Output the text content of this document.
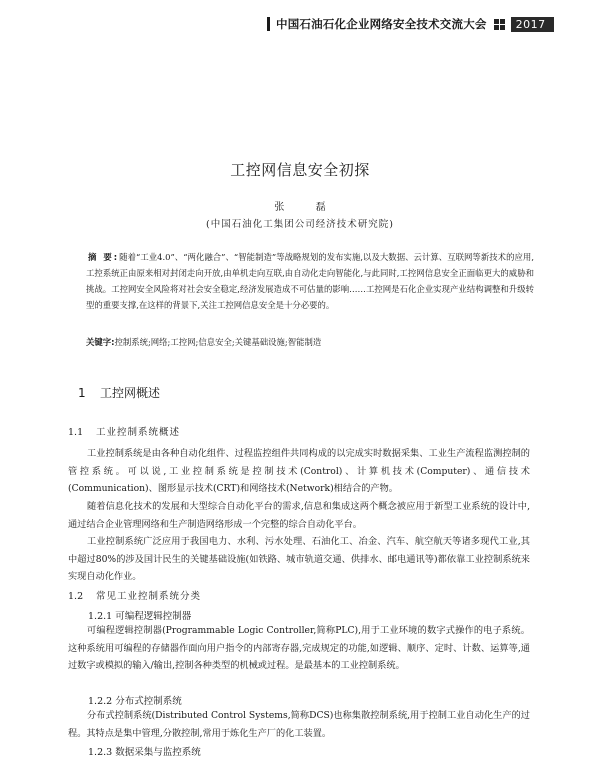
中国石油石化企业网络安全技术交流大会	2017
工控网信息安全初探
张 磊
(中国石油化工集团公司经济技术研究院)
摘 要:随着“工业4.0”、“两化融合”、“智能制造”等战略规划的发布实施,以及大数据、云计算、互联网等新技术的应用,工控系统正由原来相对封闭走向开放,由单机走向互联,由自动化走向智能化,与此同时,工控网信息安全正面临更大的威胁和挑战。工控网安全风险将对社会安全稳定,经济发展造成不可估量的影响……工控网是石化企业实现产业结构调整和升级转型的重要支撑,在这样的背景下,关注工控网信息安全是十分必要的。
关键字:控制系统;网络;工控网;信息安全;关键基础设施;智能制造
1 工控网概述
1.1 工业控制系统概述
工业控制系统是由各种自动化组件、过程监控组件共同构成的以完成实时数据采集、工业生产流程监测控制的管控系统。可以说,工业控制系统是控制技术(Control)、计算机技术(Computer)、通信技术(Communication)、图形显示技术(CRT)和网络技术(Network)相结合的产物。
随着信息化技术的发展和大型综合自动化平台的需求,信息和集成这两个概念被应用于新型工业系统的设计中,通过结合企业管理网络和生产制造网络形成一个完整的综合自动化平台。
工业控制系统广泛应用于我国电力、水利、污水处理、石油化工、冶金、汽车、航空航天等诸多现代工业,其中超过80%的涉及国计民生的关键基础设施(如铁路、城市轨道交通、供排水、邮电通讯等)都依靠工业控制系统来实现自动化作业。
1.2 常见工业控制系统分类
1.2.1 可编程逻辑控制器
可编程逻辑控制器(Programmable Logic Controller,简称PLC),用于工业环境的数字式操作的电子系统。这种系统用可编程的存储器作面向用户指令的内部寄存器,完成规定的功能,如逻辑、顺序、定时、计数、运算等,通过数字或模拟的输入/输出,控制各种类型的机械或过程。是最基本的工业控制系统。
1.2.2 分布式控制系统
分布式控制系统(Distributed Control Systems,简称DCS)也称集散控制系统,用于控制工业自动化生产的过程。其特点是集中管理,分散控制,常用于炼化生产厂的化工装置。
1.2.3 数据采集与监控系统
